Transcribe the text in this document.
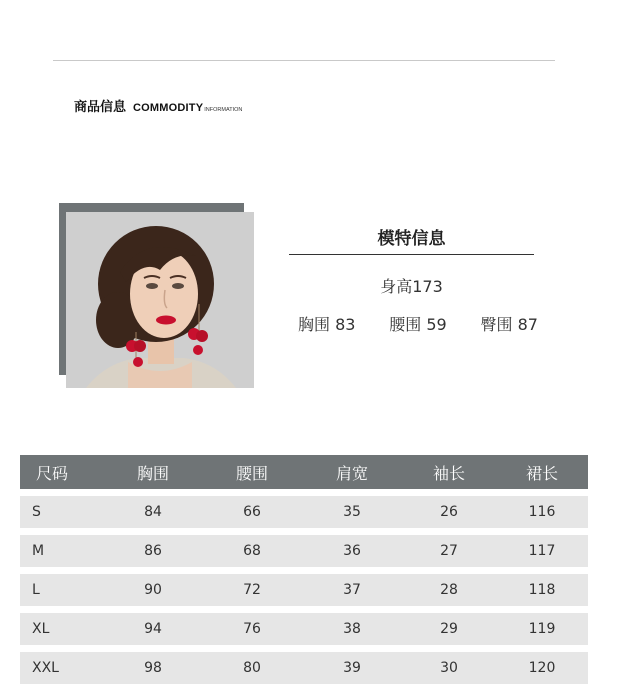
商品信息 COMMODITY INFORMATION
模特信息
身高173
胸围 83 腰围 59 臀围 87
尺码	胸围	腰围	肩宽	袖长	裙长
S	84	66	35	26	116
M	86	68	36	27	117
L	90	72	37	28	118
XL	94	76	38	29	119
XXL	98	80	39	30	120
